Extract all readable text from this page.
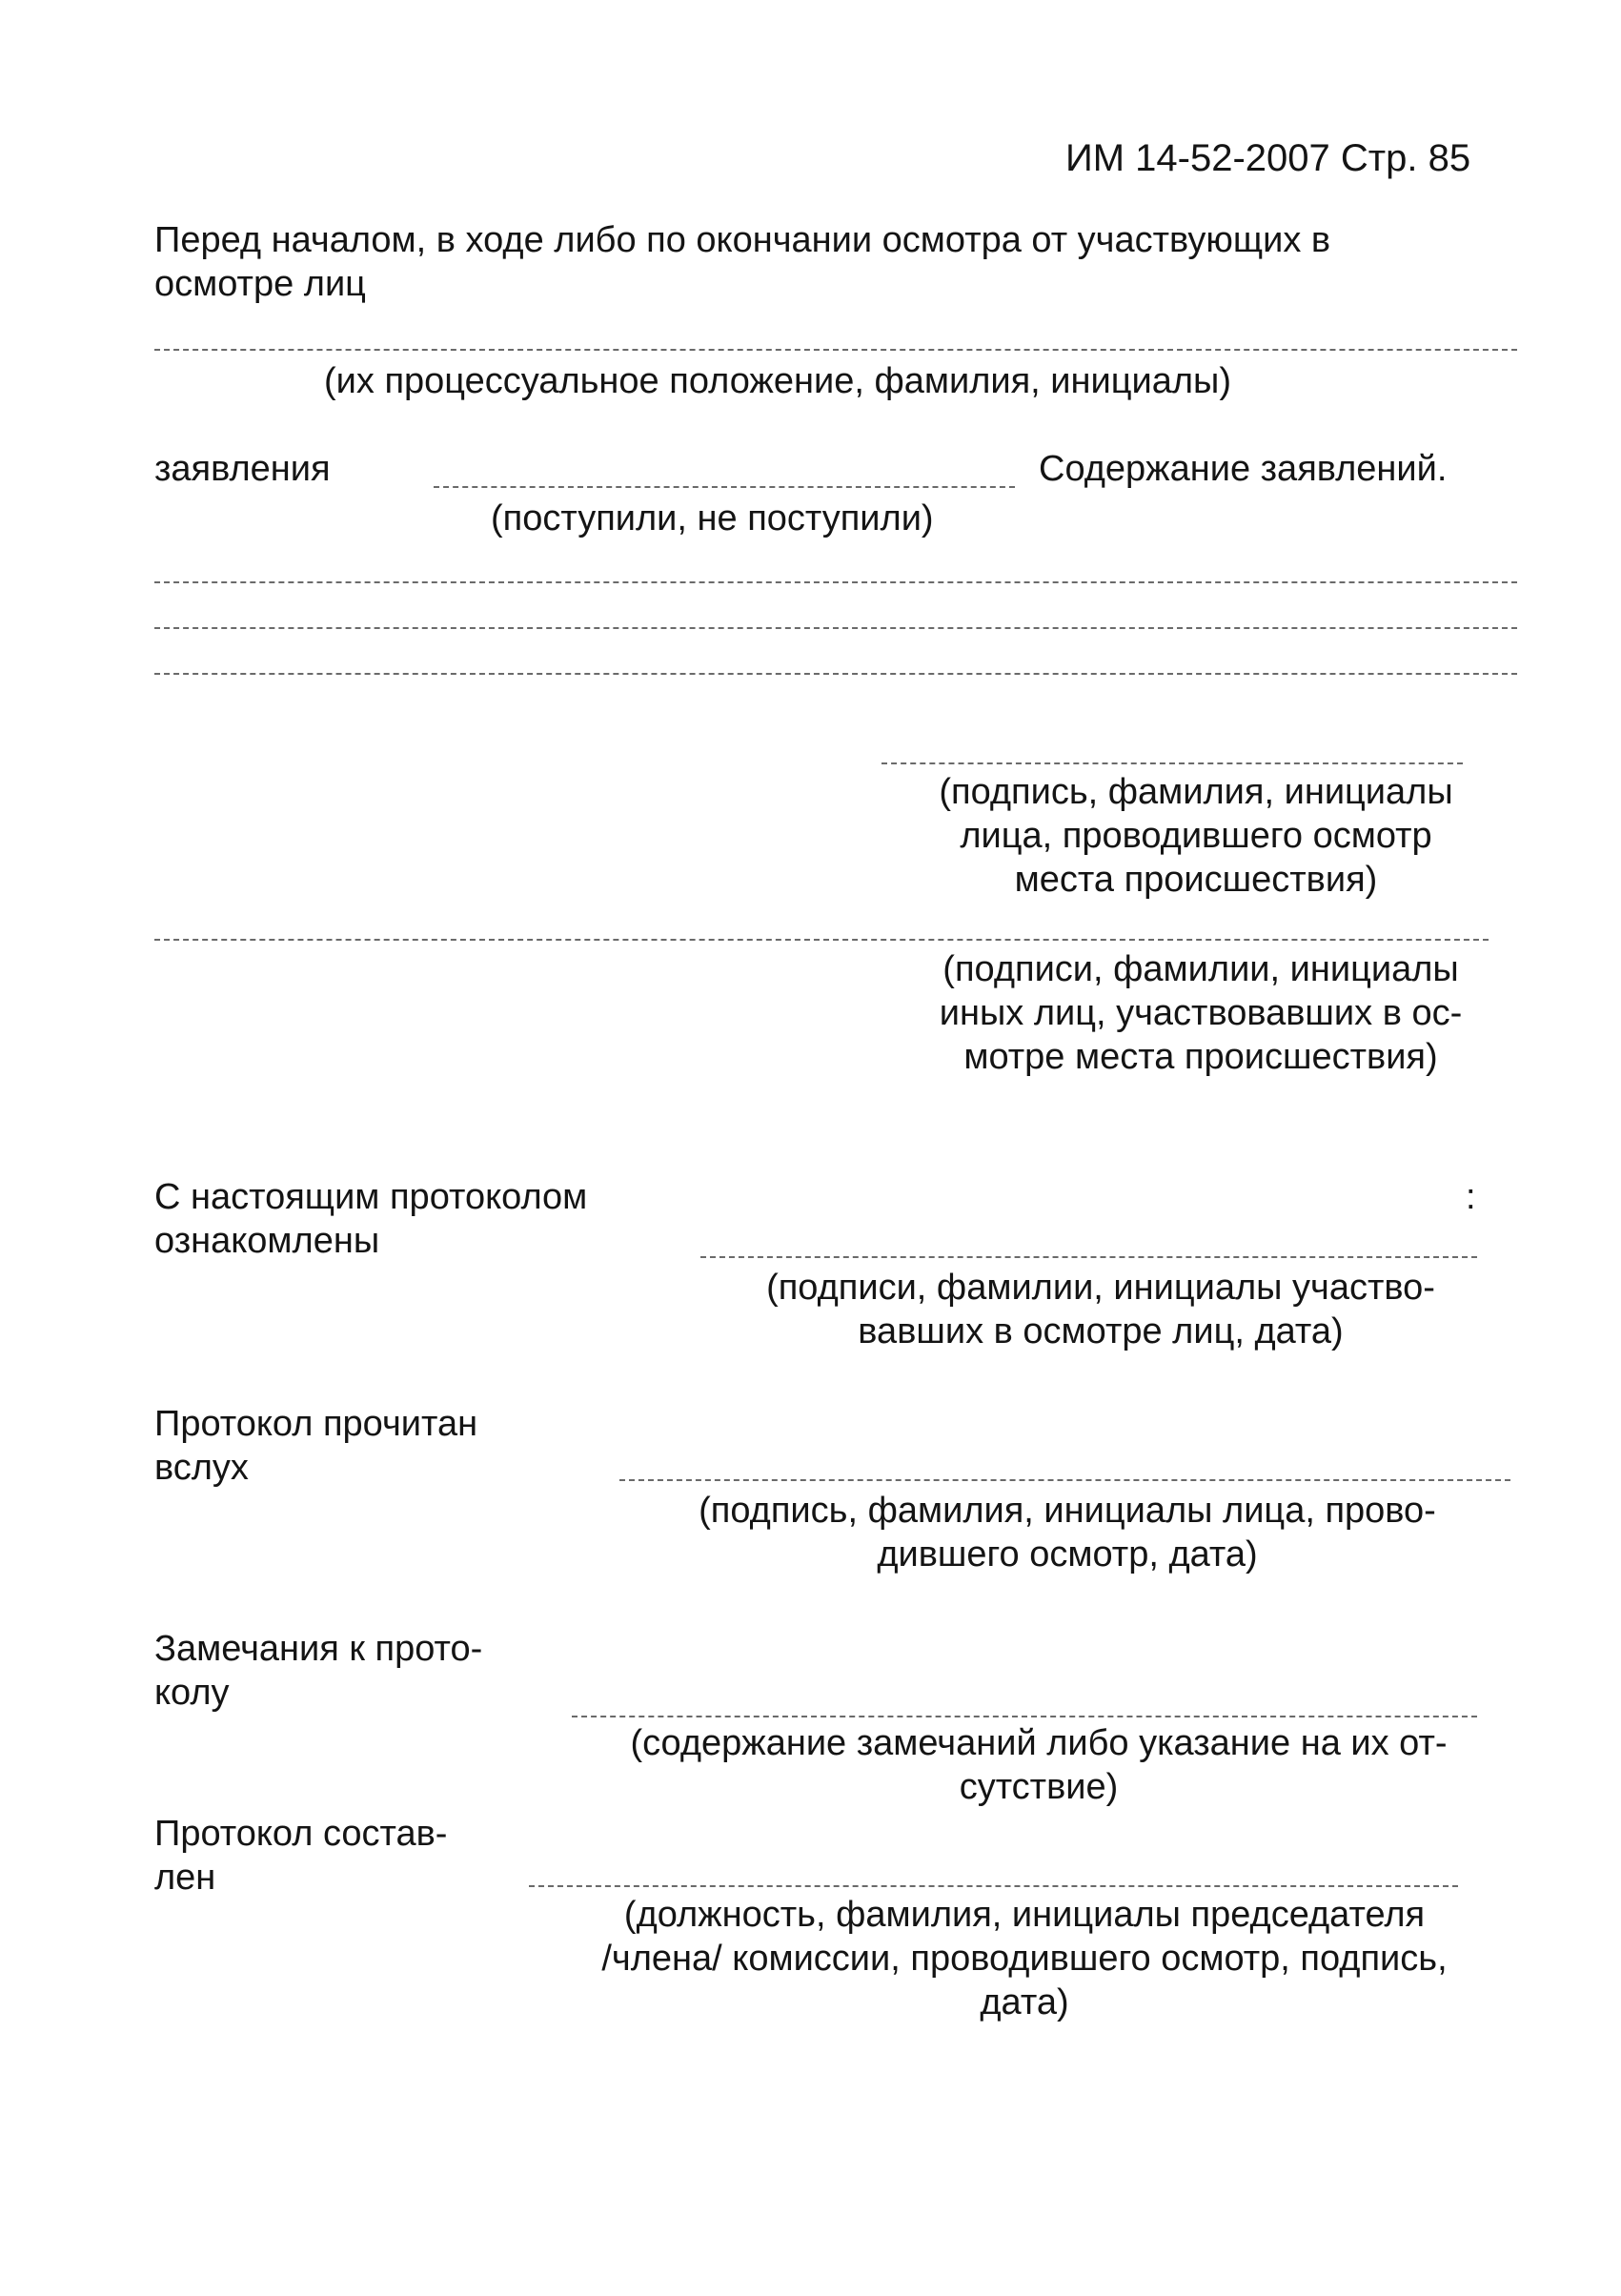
ИМ 14-52-2007 Стр. 85
Перед началом, в ходе либо по окончании осмотра от участвующих в
осмотре лиц
(их процессуальное положение, фамилия, инициалы)
заявления	Содержание заявлений.
(поступили, не поступили)
(подпись, фамилия, инициалы
лица, проводившего осмотр
места происшествия)
(подписи, фамилии, инициалы
иных лиц, участвовавших в ос-
мотре места происшествия)
С настоящим протоколом
ознакомлены
:
(подписи, фамилии, инициалы участво-
вавших в осмотре лиц, дата)
Протокол прочитан
вслух
(подпись, фамилия, инициалы лица, прово-
дившего осмотр, дата)
Замечания к прото-
колу
(содержание замечаний либо указание на их от-
сутствие)
Протокол состав-
лен
(должность, фамилия, инициалы председателя
/члена/ комиссии, проводившего осмотр, подпись,
дата)
